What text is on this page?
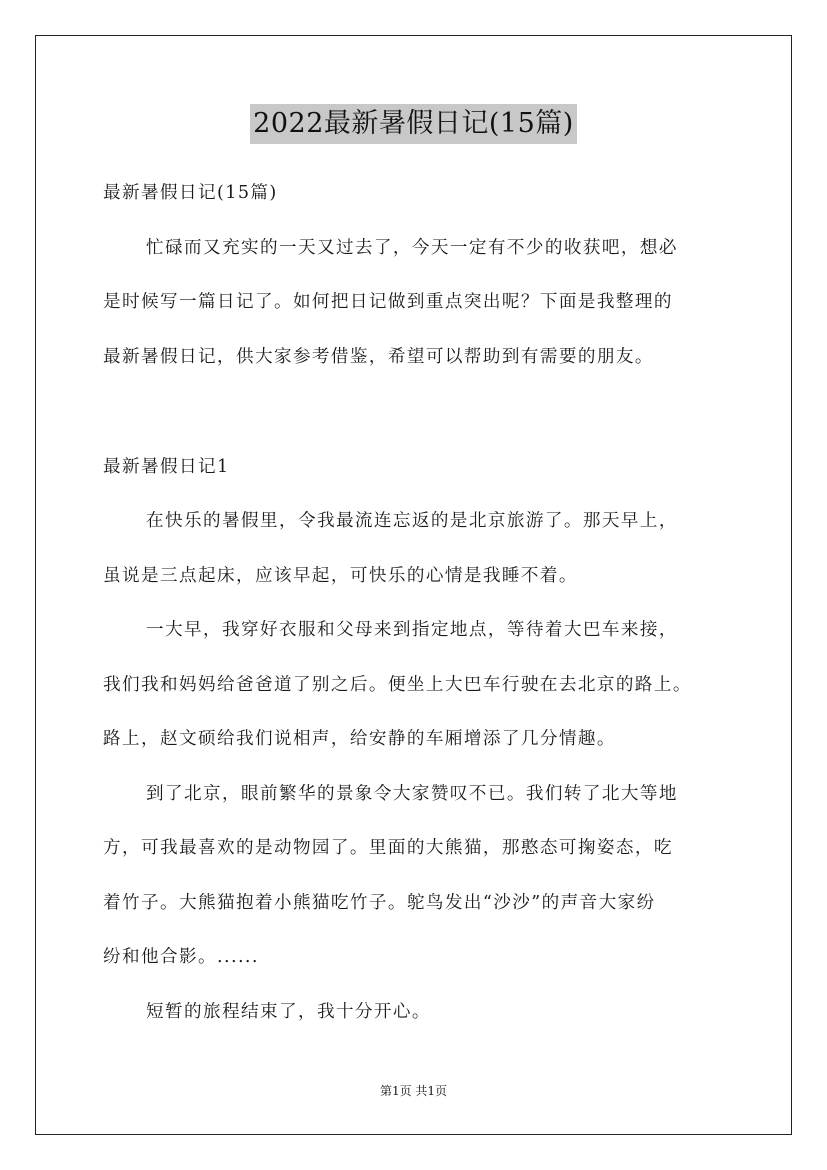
2022最新暑假日记(15篇)
最新暑假日记(15篇)
忙碌而又充实的一天又过去了，今天一定有不少的收获吧，想必
是时候写一篇日记了。如何把日记做到重点突出呢？下面是我整理的
最新暑假日记，供大家参考借鉴，希望可以帮助到有需要的朋友。
最新暑假日记1
在快乐的暑假里，令我最流连忘返的是北京旅游了。那天早上，
虽说是三点起床，应该早起，可快乐的心情是我睡不着。
一大早，我穿好衣服和父母来到指定地点，等待着大巴车来接，
我们我和妈妈给爸爸道了别之后。便坐上大巴车行驶在去北京的路上。
路上，赵文硕给我们说相声，给安静的车厢增添了几分情趣。
到了北京，眼前繁华的景象令大家赞叹不已。我们转了北大等地
方，可我最喜欢的是动物园了。里面的大熊猫，那憨态可掬姿态，吃
着竹子。大熊猫抱着小熊猫吃竹子。鸵鸟发出“沙沙”的声音大家纷
纷和他合影。......
短暂的旅程结束了，我十分开心。
第1页 共1页
